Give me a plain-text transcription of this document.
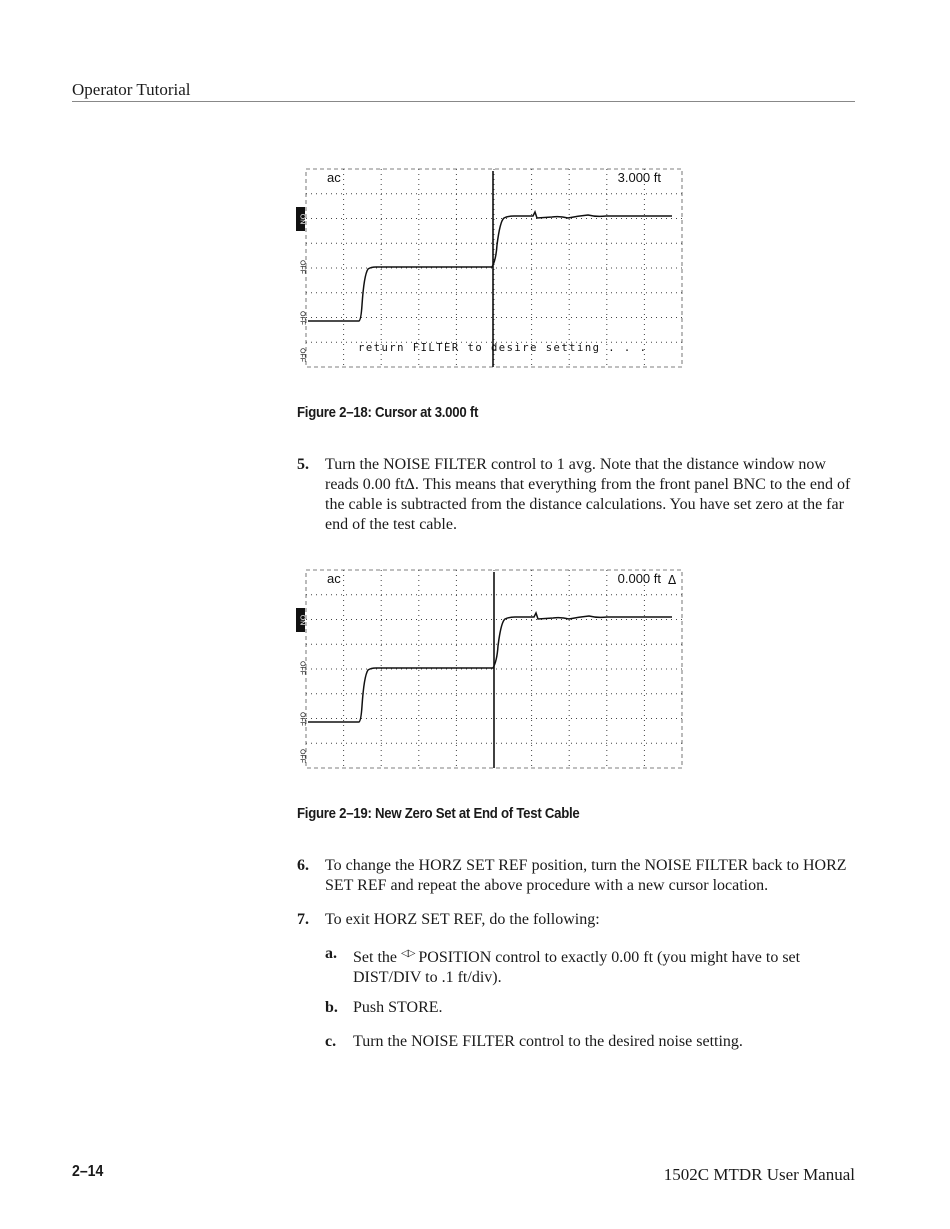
Operator Tutorial
ac	3.000 ft
return FILTER to desire setting . . .
ON
OFF
OFF
OFF
Figure 2–18: Cursor at 3.000 ft
5. Turn the NOISE FILTER control to 1 avg. Note that the distance window now reads 0.00 ftΔ. This means that everything from the front panel BNC to the end of the cable is subtracted from the distance calculations. You have set zero at the far end of the test cable.
ac	0.000 ft Δ
ON
OFF
OFF
OFF
Figure 2–19: New Zero Set at End of Test Cable
6. To change the HORZ SET REF position, turn the NOISE FILTER back to HORZ SET REF and repeat the above procedure with a new cursor location.
7. To exit HORZ SET REF, do the following:
a. Set the ◁▷ POSITION control to exactly 0.00 ft (you might have to set DIST/DIV to .1 ft/div).
b. Push STORE.
c. Turn the NOISE FILTER control to the desired noise setting.
2–14	1502C MTDR User Manual
